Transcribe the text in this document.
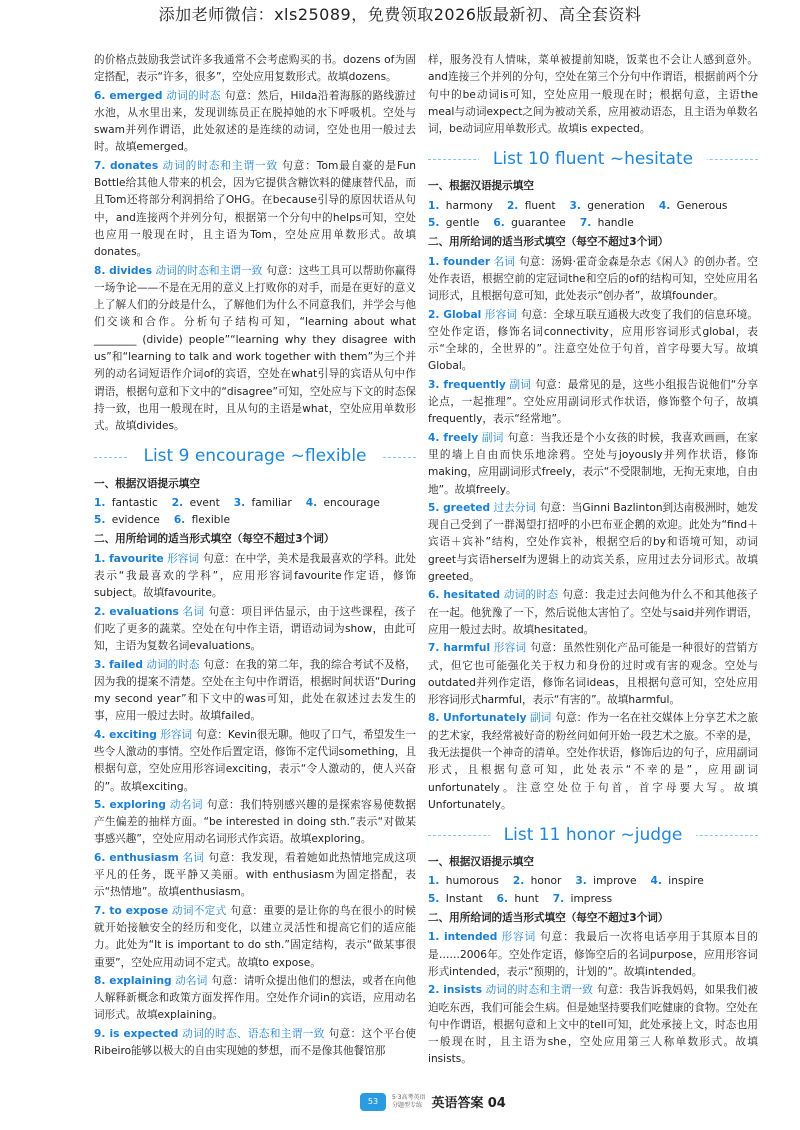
添加老师微信：xls25089，免费领取2026版最新初、高全套资料

的价格点鼓励我尝试许多我通常不会考虑购买的书。dozens of为固定搭配，表示“许多，很多”，空处应用复数形式。故填dozens。

6. emerged 动词的时态 句意：然后，Hilda沿着海豚的路线游过水池，从水里出来，发现训练员正在脱掉她的水下呼吸机。空处与swam并列作谓语，此处叙述的是连续的动词，空处也用一般过去时。故填emerged。

7. donates 动词的时态和主谓一致 句意：Tom最自豪的是Fun Bottle给其他人带来的机会，因为它提供含糖饮料的健康替代品，而且Tom还将部分利润捐给了OHG。在because引导的原因状语从句中，and连接两个并列分句，根据第一个分句中的helps可知，空处也应用一般现在时，且主语为Tom，空处应用单数形式。故填donates。

8. divides 动词的时态和主谓一致 句意：这些工具可以帮助你赢得一场争论——不是在无用的意义上打败你的对手，而是在更好的意义上了解人们的分歧是什么，了解他们为什么不同意我们，并学会与他们交谈和合作。分析句子结构可知，“learning about what ________ (divide) people”“learning why they disagree with us”和“learning to talk and work together with them”为三个并列的动名词短语作介词of的宾语，空处在what引导的宾语从句中作谓语，根据句意和下文中的“disagree”可知，空处应与下文的时态保持一致，也用一般现在时，且从句的主语是what，空处应用单数形式。故填divides。

List 9 encourage ~flexible
一、根据汉语提示填空
1. fantastic 2. event 3. familiar 4. encourage
5. evidence 6. flexible
二、用所给词的适当形式填空（每空不超过3个词）

1. favourite 形容词 句意：在中学，美术是我最喜欢的学科。此处表示“我最喜欢的学科”，应用形容词favourite作定语，修饰subject。故填favourite。

2. evaluations 名词 句意：项目评估显示，由于这些课程，孩子们吃了更多的蔬菜。空处在句中作主语，谓语动词为show，由此可知，主语为复数名词evaluations。

3. failed 动词的时态 句意：在我的第二年，我的综合考试不及格，因为我的提案不清楚。空处在主句中作谓语，根据时间状语“During my second year”和下文中的was可知，此处在叙述过去发生的事，应用一般过去时。故填failed。

4. exciting 形容词 句意：Kevin很无聊。他叹了口气，希望发生一些令人激动的事情。空处作后置定语，修饰不定代词something，且根据句意，空处应用形容词exciting，表示“令人激动的，使人兴奋的”。故填exciting。

5. exploring 动名词 句意：我们特别感兴趣的是探索容易使数据产生偏差的抽样方面。“be interested in doing sth.”表示“对做某事感兴趣”，空处应用动名词形式作宾语。故填exploring。

6. enthusiasm 名词 句意：我发现，看着她如此热情地完成这项平凡的任务，既平静又美丽。with enthusiasm为固定搭配，表示“热情地”。故填enthusiasm。

7. to expose 动词不定式 句意：重要的是让你的鸟在很小的时候就开始接触安全的经历和变化，以建立灵活性和提高它们的适应能力。此处为“It is important to do sth.”固定结构，表示“做某事很重要”，空处应用动词不定式。故填to expose。

8. explaining 动名词 句意：请听众提出他们的想法，或者在向他人解释新概念和政策方面发挥作用。空处作介词in的宾语，应用动名词形式。故填explaining。

9. is expected 动词的时态、语态和主谓一致 句意：这个平台使Ribeiro能够以极大的自由实现她的梦想，而不是像其他餐馆那

样，服务没有人情味，菜单被提前知晓，饭菜也不会让人感到意外。and连接三个并列的分句，空处在第三个分句中作谓语，根据前两个分句中的be动词is可知，空处应用一般现在时；根据句意，主语the meal与动词expect之间为被动关系，应用被动语态，且主语为单数名词，be动词应用单数形式。故填is expected。

List 10 fluent ~hesitate
一、根据汉语提示填空
1. harmony 2. fluent 3. generation 4. Generous
5. gentle 6. guarantee 7. handle
二、用所给词的适当形式填空（每空不超过3个词）

1. founder 名词 句意：汤姆·霍奇金森是杂志《闲人》的创办者。空处作表语，根据空前的定冠词the和空后的of的结构可知，空处应用名词形式，且根据句意可知，此处表示“创办者”，故填founder。

2. Global 形容词 句意：全球互联互通极大改变了我们的信息环境。空处作定语，修饰名词connectivity，应用形容词形式global，表示“全球的，全世界的”。注意空处位于句首，首字母要大写。故填Global。

3. frequently 副词 句意：最常见的是，这些小组报告说他们“分享论点，一起推理”。空处应用副词形式作状语，修饰整个句子，故填frequently，表示“经常地”。

4. freely 副词 句意：当我还是个小女孩的时候，我喜欢画画，在家里的墙上自由而快乐地涂鸦。空处与joyously并列作状语，修饰making，应用副词形式freely，表示“不受限制地，无拘无束地，自由地”。故填freely。

5. greeted 过去分词 句意：当Ginni Bazlinton到达南极洲时，她发现自己受到了一群渴望打招呼的小巴布亚企鹅的欢迎。此处为“find＋宾语＋宾补”结构，空处作宾补，根据空后的by和语境可知，动词greet与宾语herself为逻辑上的动宾关系，应用过去分词形式。故填greeted。

6. hesitated 动词的时态 句意：我走过去问他为什么不和其他孩子在一起。他犹豫了一下，然后说他太害怕了。空处与said并列作谓语，应用一般过去时。故填hesitated。

7. harmful 形容词 句意：虽然性别化产品可能是一种很好的营销方式，但它也可能强化关于权力和身份的过时或有害的观念。空处与outdated并列作定语，修饰名词ideas，且根据句意可知，空处应用形容词形式harmful，表示“有害的”。故填harmful。

8. Unfortunately 副词 句意：作为一名在社交媒体上分享艺术之旅的艺术家，我经常被好奇的粉丝问如何开始一段艺术之旅。不幸的是，我无法提供一个神奇的清单。空处作状语，修饰后边的句子，应用副词形式，且根据句意可知，此处表示“不幸的是”，应用副词unfortunately。注意空处位于句首，首字母要大写。故填Unfortunately。

List 11 honor ~judge
一、根据汉语提示填空
1. humorous 2. honor 3. improve 4. inspire
5. Instant 6. hunt 7. impress
二、用所给词的适当形式填空（每空不超过3个词）

1. intended 形容词 句意：我最后一次将电话亭用于其原本目的是……2006年。空处作定语，修饰空后的名词purpose，应用形容词形式intended，表示“预期的，计划的”。故填intended。

2. insists 动词的时态和主谓一致 句意：我告诉我妈妈，如果我们被迫吃东西，我们可能会生病。但是她坚持要我们吃健康的食物。空处在句中作谓语，根据句意和上文中的tell可知，此处承接上文，时态也用一般现在时，且主语为she，空处应用第三人称单数形式。故填insists。

53	5·3高考英语
分题型专练 英语答案 04
